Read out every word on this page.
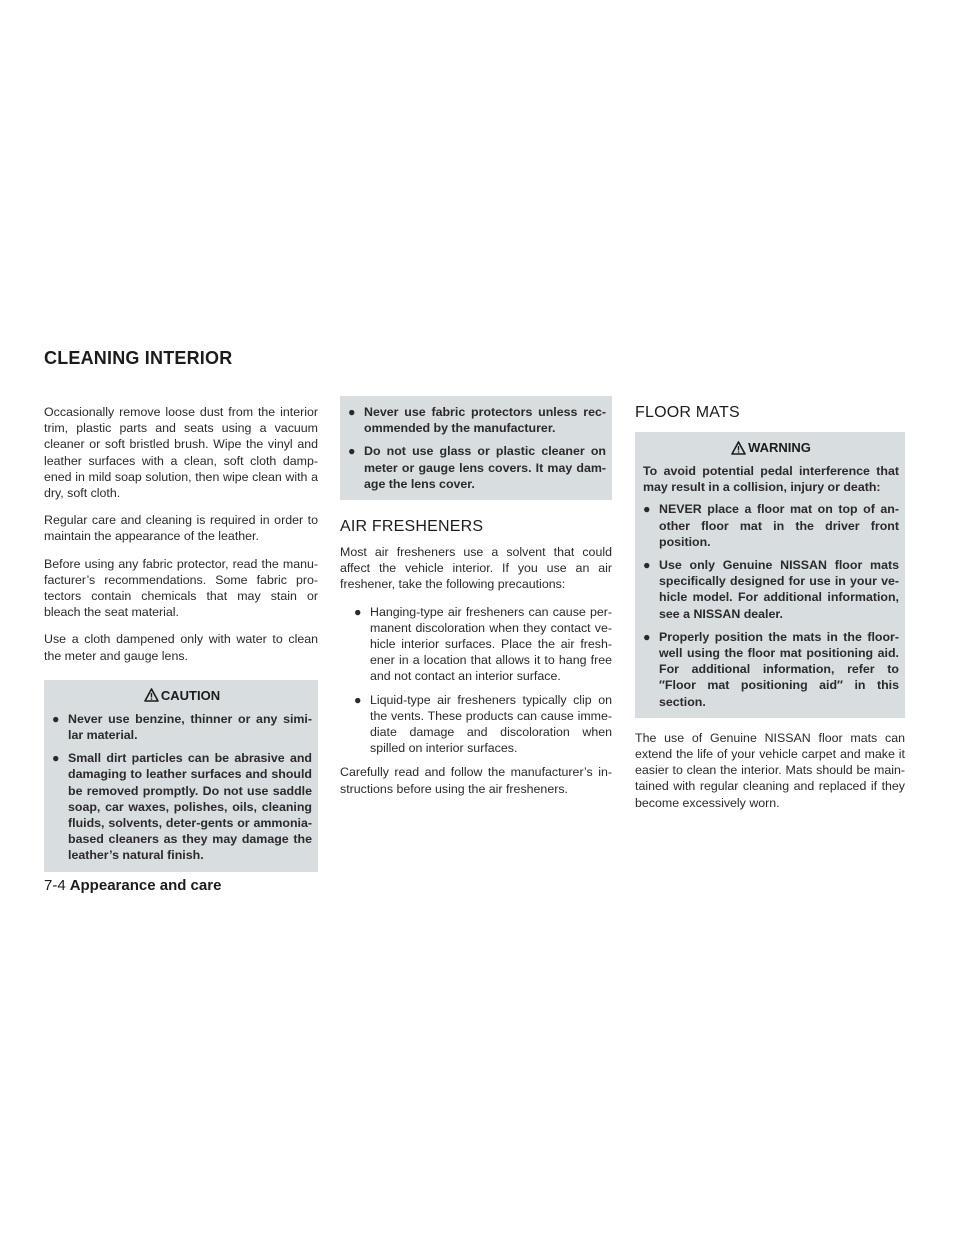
CLEANING INTERIOR

Occasionally remove loose dust from the interior trim, plastic parts and seats using a vacuum cleaner or soft bristled brush. Wipe the vinyl and leather surfaces with a clean, soft cloth damp-ened in mild soap solution, then wipe clean with a dry, soft cloth.

Regular care and cleaning is required in order to maintain the appearance of the leather.

Before using any fabric protector, read the manu-facturer’s recommendations. Some fabric pro-tectors contain chemicals that may stain or bleach the seat material.

Use a cloth dampened only with water to clean the meter and gauge lens.

CAUTION
● Never use benzine, thinner or any simi-lar material.
● Small dirt particles can be abrasive and damaging to leather surfaces and should be removed promptly. Do not use saddle soap, car waxes, polishes, oils, cleaning fluids, solvents, deter-gents or ammonia-based cleaners as they may damage the leather’s natural finish.
● Never use fabric protectors unless rec-ommended by the manufacturer.
● Do not use glass or plastic cleaner on meter or gauge lens covers. It may dam-age the lens cover.
AIR FRESHENERS

Most air fresheners use a solvent that could affect the vehicle interior. If you use an air freshener, take the following precautions:

● Hanging-type air fresheners can cause per-manent discoloration when they contact ve-hicle interior surfaces. Place the air fresh-ener in a location that allows it to hang free and not contact an interior surface.
● Liquid-type air fresheners typically clip on the vents. These products can cause imme-diate damage and discoloration when spilled on interior surfaces.

Carefully read and follow the manufacturer’s in-structions before using the air fresheners.

FLOOR MATS
WARNING

To avoid potential pedal interference that may result in a collision, injury or death:

● NEVER place a floor mat on top of an-other floor mat in the driver front position.
● Use only Genuine NISSAN floor mats specifically designed for use in your ve-hicle model. For additional information, see a NISSAN dealer.
● Properly position the mats in the floor-well using the floor mat positioning aid. For additional information, refer to ″Floor mat positioning aid″ in this section.

The use of Genuine NISSAN floor mats can extend the life of your vehicle carpet and make it easier to clean the interior. Mats should be main-tained with regular cleaning and replaced if they become excessively worn.

7-4 Appearance and care
